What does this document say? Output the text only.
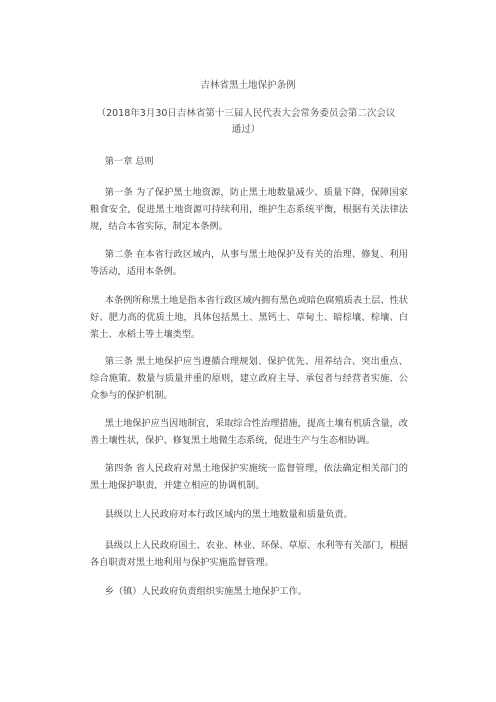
吉林省黑土地保护条例
（2018年3月30日吉林省第十三届人民代表大会常务委员会第二次会议通过）
第一章 总则
第一条 为了保护黑土地资源，防止黑土地数量减少、质量下降，保障国家粮食安全，促进黑土地资源可持续利用，维护生态系统平衡，根据有关法律法规，结合本省实际，制定本条例。
第二条 在本省行政区域内，从事与黑土地保护及有关的治理、修复、利用等活动，适用本条例。
本条例所称黑土地是指本省行政区域内拥有黑色或暗色腐殖质表土层、性状好、肥力高的优质土地，具体包括黑土、黑钙土、草甸土、暗棕壤、棕壤、白浆土、水稻土等土壤类型。
第三条 黑土地保护应当遵循合理规划、保护优先、用养结合、突出重点、综合施策、数量与质量并重的原则，建立政府主导、承包者与经营者实施、公众参与的保护机制。
黑土地保护应当因地制宜，采取综合性治理措施，提高土壤有机质含量，改善土壤性状，保护、修复黑土地微生态系统，促进生产与生态相协调。
第四条 省人民政府对黑土地保护实施统一监督管理，依法确定相关部门的黑土地保护职责，并建立相应的协调机制。
县级以上人民政府对本行政区域内的黑土地数量和质量负责。
县级以上人民政府国土、农业、林业、环保、草原、水利等有关部门，根据各自职责对黑土地利用与保护实施监督管理。
乡（镇）人民政府负责组织实施黑土地保护工作。
